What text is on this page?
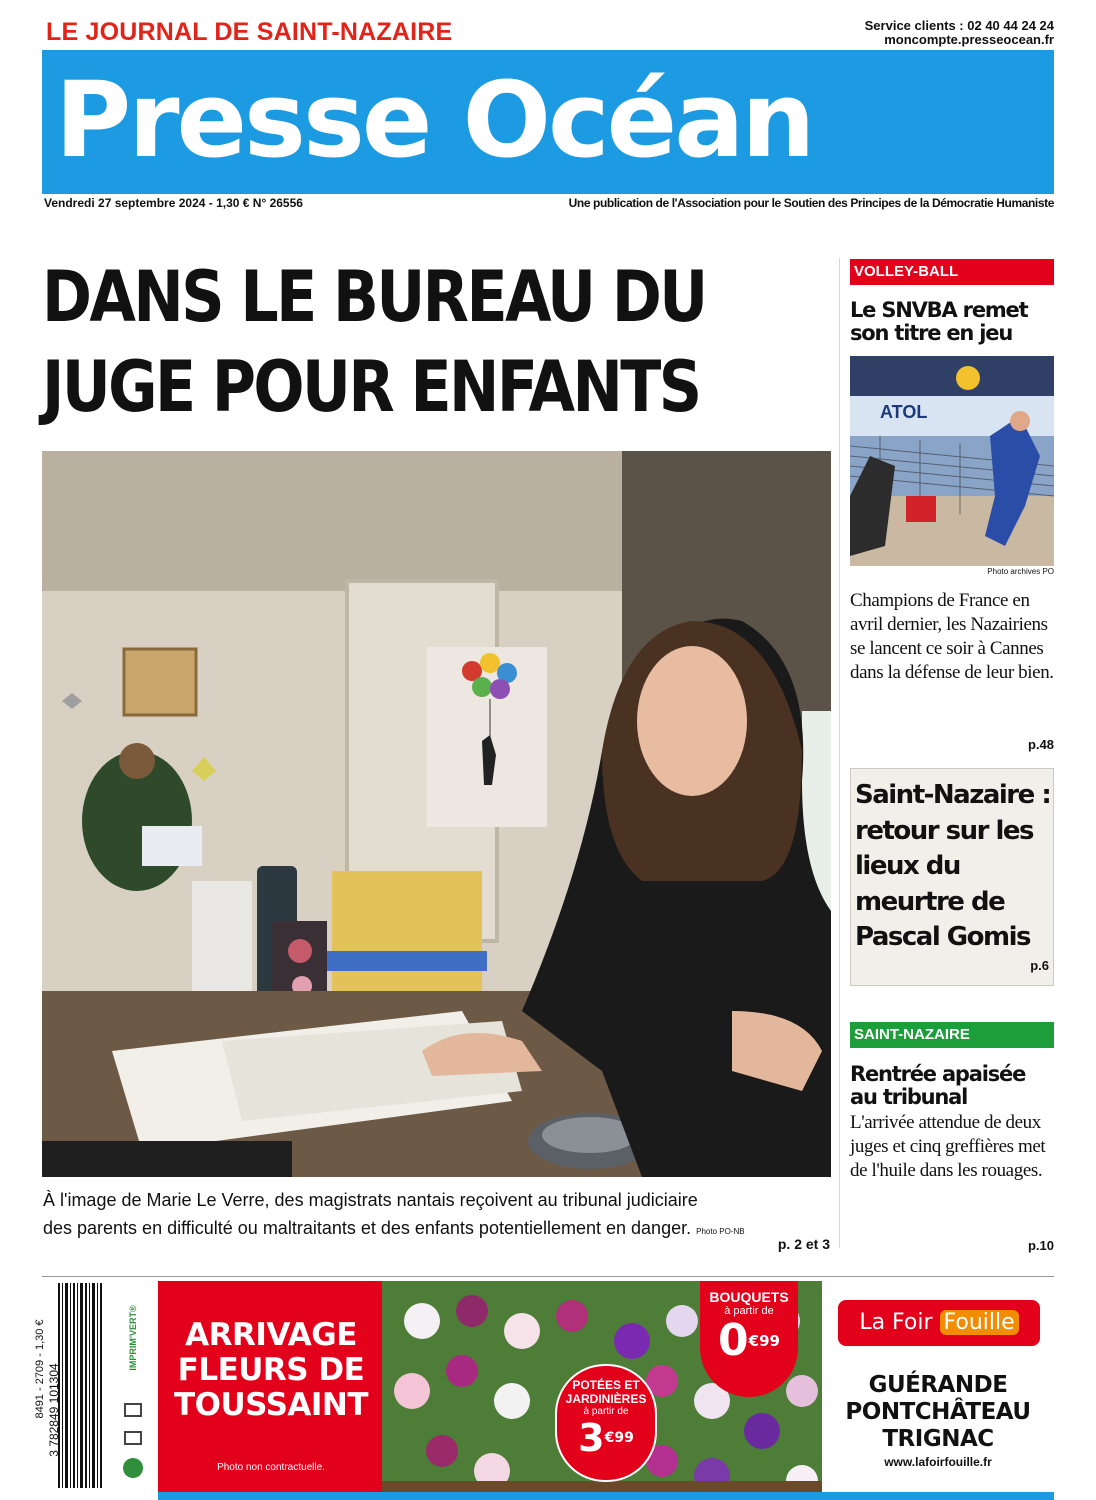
LE JOURNAL DE SAINT-NAZAIRE	Service clients : 02 40 44 24 24
moncompte.presseocean.fr
Presse Océan
Vendredi 27 septembre 2024 - 1,30 € N° 26556	Une publication de l'Association pour le Soutien des Principes de la Démocratie Humaniste
DANS LE BUREAU DU
JUGE POUR ENFANTS
À l'image de Marie Le Verre, des magistrats nantais reçoivent au tribunal judiciaire
des parents en difficulté ou maltraitants et des enfants potentiellement en danger. Photo PO-NB
p. 2 et 3
VOLLEY-BALL
Le SNVBA remet son titre en jeu
ATOL
Photo archives PO
Champions de France en avril dernier, les Nazairiens se lancent ce soir à Cannes dans la défense de leur bien.
p.48
Saint-Nazaire : retour sur les lieux du meurtre de Pascal Gomis
p.6
SAINT-NAZAIRE
Rentrée apaisée au tribunal
L'arrivée attendue de deux juges et cinq greffières met de l'huile dans les rouages.
p.10
3 782849 101304
8491 - 2709 - 1,30 €	IMPRIM'VERT®	ARRIVAGE FLEURS DE TOUSSAINT
Photo non contractuelle.
BOUQUETS
à partir de
$0^{€99}$
POTÉES ET JARDINIÈRES
à partir de
$3^{€99}$
La Foir Fouille
GUÉRANDE
PONTCHÂTEAU
TRIGNAC
www.lafoirfouille.fr
